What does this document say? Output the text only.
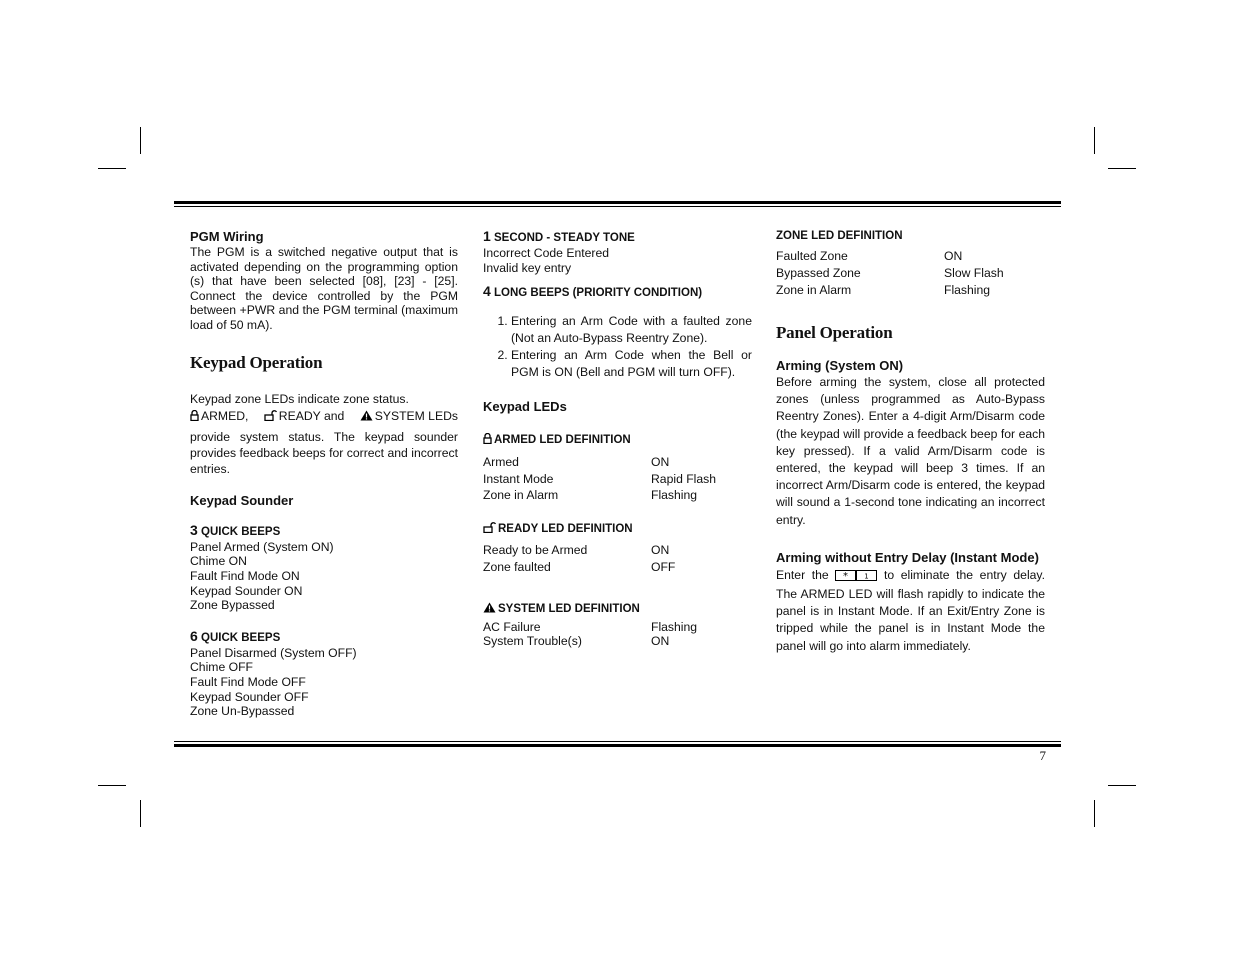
7

PGM Wiring

The PGM is a switched negative output that is activated depending on the programming option (s) that have been selected [08], [23] - [25]. Connect the device controlled by the PGM between +PWR and the PGM terminal (maximum load of 50 mA).

Keypad Operation

Keypad zone LEDs indicate zone status.

ARMED,	READY and	SYSTEM LEDs

provide system status. The keypad sounder provides feedback beeps for correct and incorrect entries.

Keypad Sounder

3 QUICK BEEPS

Panel Armed (System ON)

Chime ON

Fault Find Mode ON

Keypad Sounder ON

Zone Bypassed

6 QUICK BEEPS

Panel Disarmed (System OFF)

Chime OFF

Fault Find Mode OFF

Keypad Sounder OFF

Zone Un-Bypassed

1 SECOND - STEADY TONE

Incorrect Code Entered

Invalid key entry

4 LONG BEEPS (PRIORITY CONDITION)

1. Entering an Arm Code with a faulted zone (Not an Auto-Bypass Reentry Zone).
2. Entering an Arm Code when the Bell or PGM is ON (Bell and PGM will turn OFF).

Keypad LEDs

ARMED LED DEFINITION

Armed	ON
Instant Mode	Rapid Flash
Zone in Alarm	Flashing

READY LED DEFINITION

Ready to be Armed	ON
Zone faulted	OFF

SYSTEM LED DEFINITION

AC Failure	Flashing
System Trouble(s)	ON

ZONE LED DEFINITION

Faulted Zone	ON
Bypassed Zone	Slow Flash
Zone in Alarm	Flashing

Panel Operation

Arming (System ON)

Before arming the system, close all protected zones (unless programmed as Auto-Bypass Reentry Zones). Enter a 4-digit Arm/Disarm code (the keypad will provide a feedback beep for each key pressed). If a valid Arm/Disarm code is entered, the keypad will beep 3 times. If an incorrect Arm/Disarm code is entered, the keypad will sound a 1-second tone indicating an incorrect entry.

Arming without Entry Delay (Instant Mode)

Enter the * 1 to eliminate the entry delay. The ARMED LED will flash rapidly to indicate the panel is in Instant Mode. If an Exit/Entry Zone is tripped while the panel is in Instant Mode the panel will go into alarm immediately.
